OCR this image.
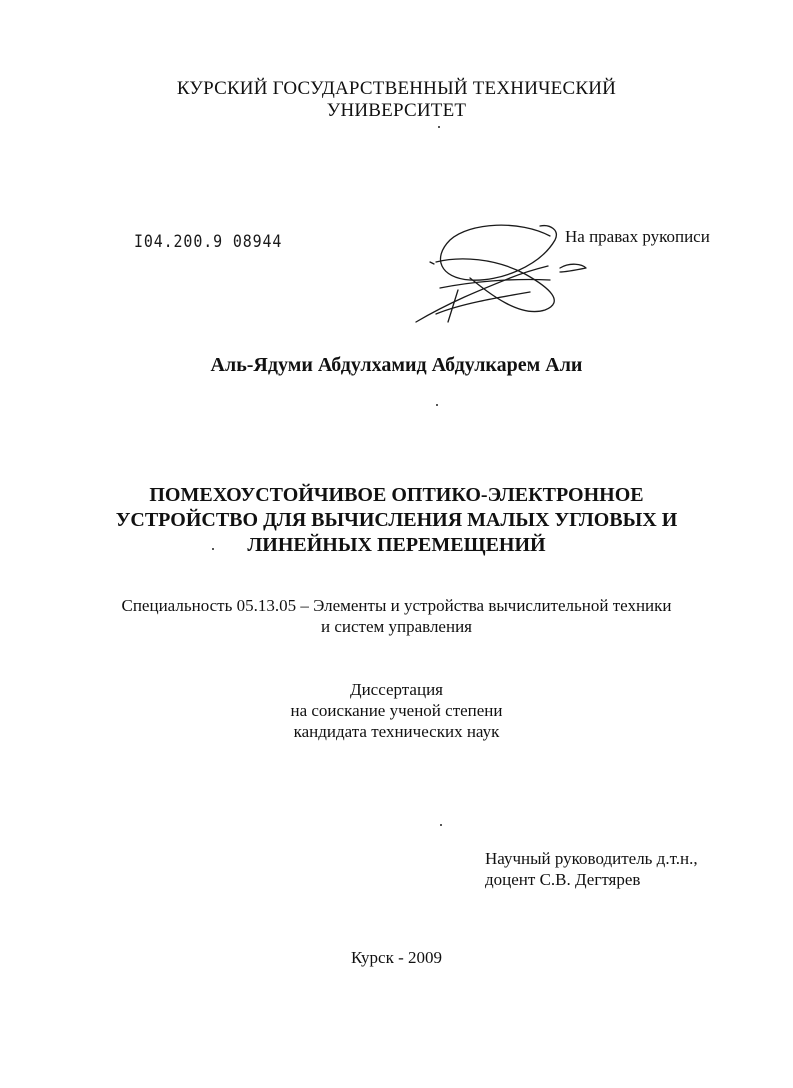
КУРСКИЙ ГОСУДАРСТВЕННЫЙ ТЕХНИЧЕСКИЙ
УНИВЕРСИТЕТ
I04.200.9 08944	На правах рукописи
Аль-Ядуми Абдулхамид Абдулкарем Али
ПОМЕХОУСТОЙЧИВОЕ ОПТИКО-ЭЛЕКТРОННОЕ
УСТРОЙСТВО ДЛЯ ВЫЧИСЛЕНИЯ МАЛЫХ УГЛОВЫХ И
ЛИНЕЙНЫХ ПЕРЕМЕЩЕНИЙ
Специальность 05.13.05 – Элементы и устройства вычислительной техники
и систем управления
Диссертация
на соискание ученой степени
кандидата технических наук
Научный руководитель д.т.н.,
доцент С.В. Дегтярев
Курск - 2009
